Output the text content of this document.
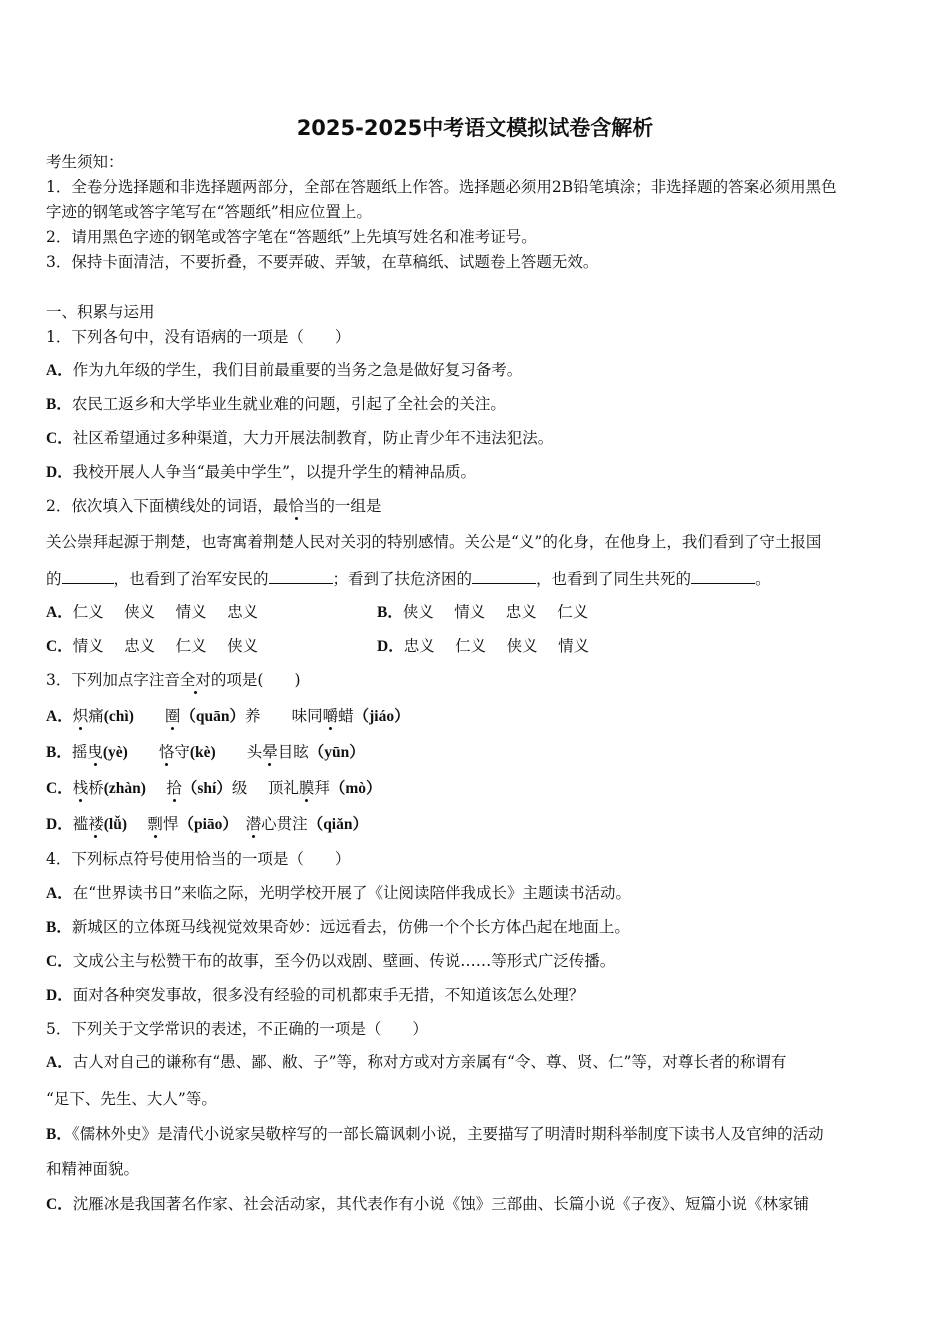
2025-2025中考语文模拟试卷含解析
考生须知：
1．全卷分选择题和非选择题两部分，全部在答题纸上作答。选择题必须用2B铅笔填涂；非选择题的答案必须用黑色
字迹的钢笔或答字笔写在“答题纸”相应位置上。
2．请用黑色字迹的钢笔或答字笔在“答题纸”上先填写姓名和准考证号。
3．保持卡面清洁，不要折叠，不要弄破、弄皱，在草稿纸、试题卷上答题无效。
一、积累与运用
1．下列各句中，没有语病的一项是（　　）
A．作为九年级的学生，我们目前最重要的当务之急是做好复习备考。
B．农民工返乡和大学毕业生就业难的问题，引起了全社会的关注。
C．社区希望通过多种渠道，大力开展法制教育，防止青少年不违法犯法。
D．我校开展人人争当“最美中学生”，以提升学生的精神品质。
2．依次填入下面横线处的词语，最恰当的一组是
关公崇拜起源于荆楚，也寄寓着荆楚人民对关羽的特别感情。关公是“义”的化身，在他身上，我们看到了守土报国
的	，也看到了治军安民的	；看到了扶危济困的	，也看到了同生共死的	。
A．仁义　 侠义　 情义　 忠义	B．侠义　 情义　 忠义　 仁义
C．情义　 忠义　 仁义　 侠义	D．忠义　 仁义　 侠义　 情义
3．下列加点字注音全对的项是(　　)
A．炽痛(chì)　　 圈（quān）养　　 味同嚼蜡（jiáo）
B．摇曳(yè)　　 恪守(kè)　　 头晕目眩（yūn）
C．栈桥(zhàn)　 拾（shí）级　 顶礼膜拜（mò）
D．褴褛(lǚ)　 剽悍（piāo）　 潜心贯注（qiǎn）
4．下列标点符号使用恰当的一项是（　　）
A．在“世界读书日”来临之际，光明学校开展了《让阅读陪伴我成长》主题读书活动。
B．新城区的立体斑马线视觉效果奇妙：远远看去，仿佛一个个长方体凸起在地面上。
C．文成公主与松赞干布的故事，至今仍以戏剧、壁画、传说……等形式广泛传播。
D．面对各种突发事故，很多没有经验的司机都束手无措，不知道该怎么处理？
5．下列关于文学常识的表述，不正确的一项是（　　）
A．古人对自己的谦称有“愚、鄙、敝、子”等，称对方或对方亲属有“令、尊、贤、仁”等，对尊长者的称谓有
“足下、先生、大人”等。
B．《儒林外史》是清代小说家吴敬梓写的一部长篇讽刺小说，主要描写了明清时期科举制度下读书人及官绅的活动
和精神面貌。
C．沈雁冰是我国著名作家、社会活动家，其代表作有小说《蚀》三部曲、长篇小说《子夜》、短篇小说《林家铺
